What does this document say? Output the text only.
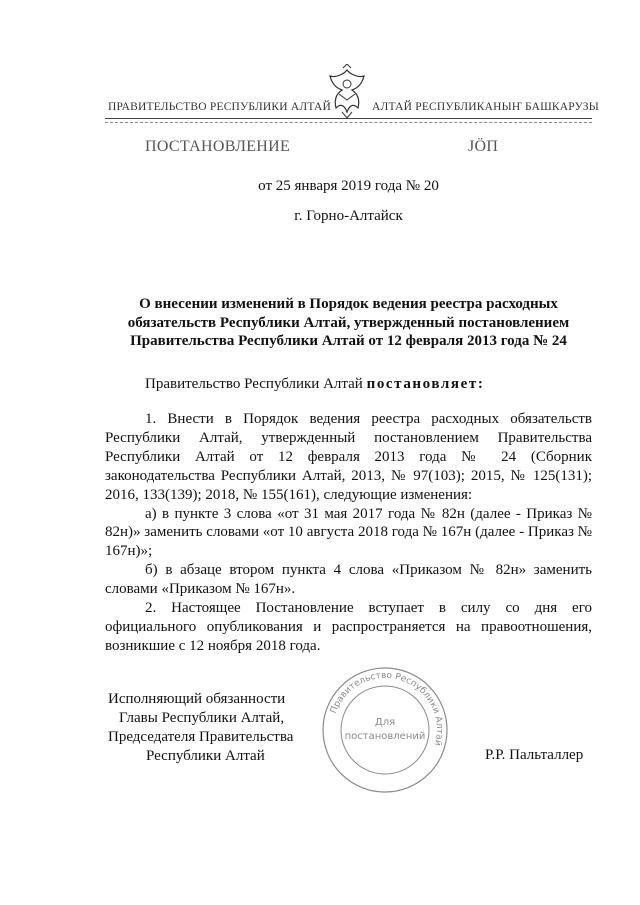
ПРАВИТЕЛЬСТВО РЕСПУБЛИКИ АЛТАЙ	АЛТАЙ РЕСПУБЛИКАНЫҤ БАШКАРУЗЫ
ПОСТАНОВЛЕНИЕ	ЈӦП
от 25 января 2019 года № 20
г. Горно-Алтайск
О внесении изменений в Порядок ведения реестра расходных обязательств Республики Алтай, утвержденный постановлением Правительства Республики Алтай от 12 февраля 2013 года № 24
Правительство Республики Алтай постановляет:

1. Внести в Порядок ведения реестра расходных обязательств Республики Алтай, утвержденный постановлением Правительства Республики Алтай от 12 февраля 2013 года № 24 (Сборник законодательства Республики Алтай, 2013, № 97(103); 2015, № 125(131); 2016, 133(139); 2018, № 155(161), следующие изменения:

а) в пункте 3 слова «от 31 мая 2017 года № 82н (далее - Приказ № 82н)» заменить словами «от 10 августа 2018 года № 167н (далее - Приказ № 167н)»;

б) в абзаце втором пункта 4 слова «Приказом № 82н» заменить словами «Приказом № 167н».

2. Настоящее Постановление вступает в силу со дня его официального опубликования и распространяется на правоотношения, возникшие с 12 ноября 2018 года.

Исполняющий обязанности
Главы Республики Алтай,
Председателя Правительства
Республики Алтай	Р.Р. Пальталлер
Правительство Республики Алтай
Для
постановлений
